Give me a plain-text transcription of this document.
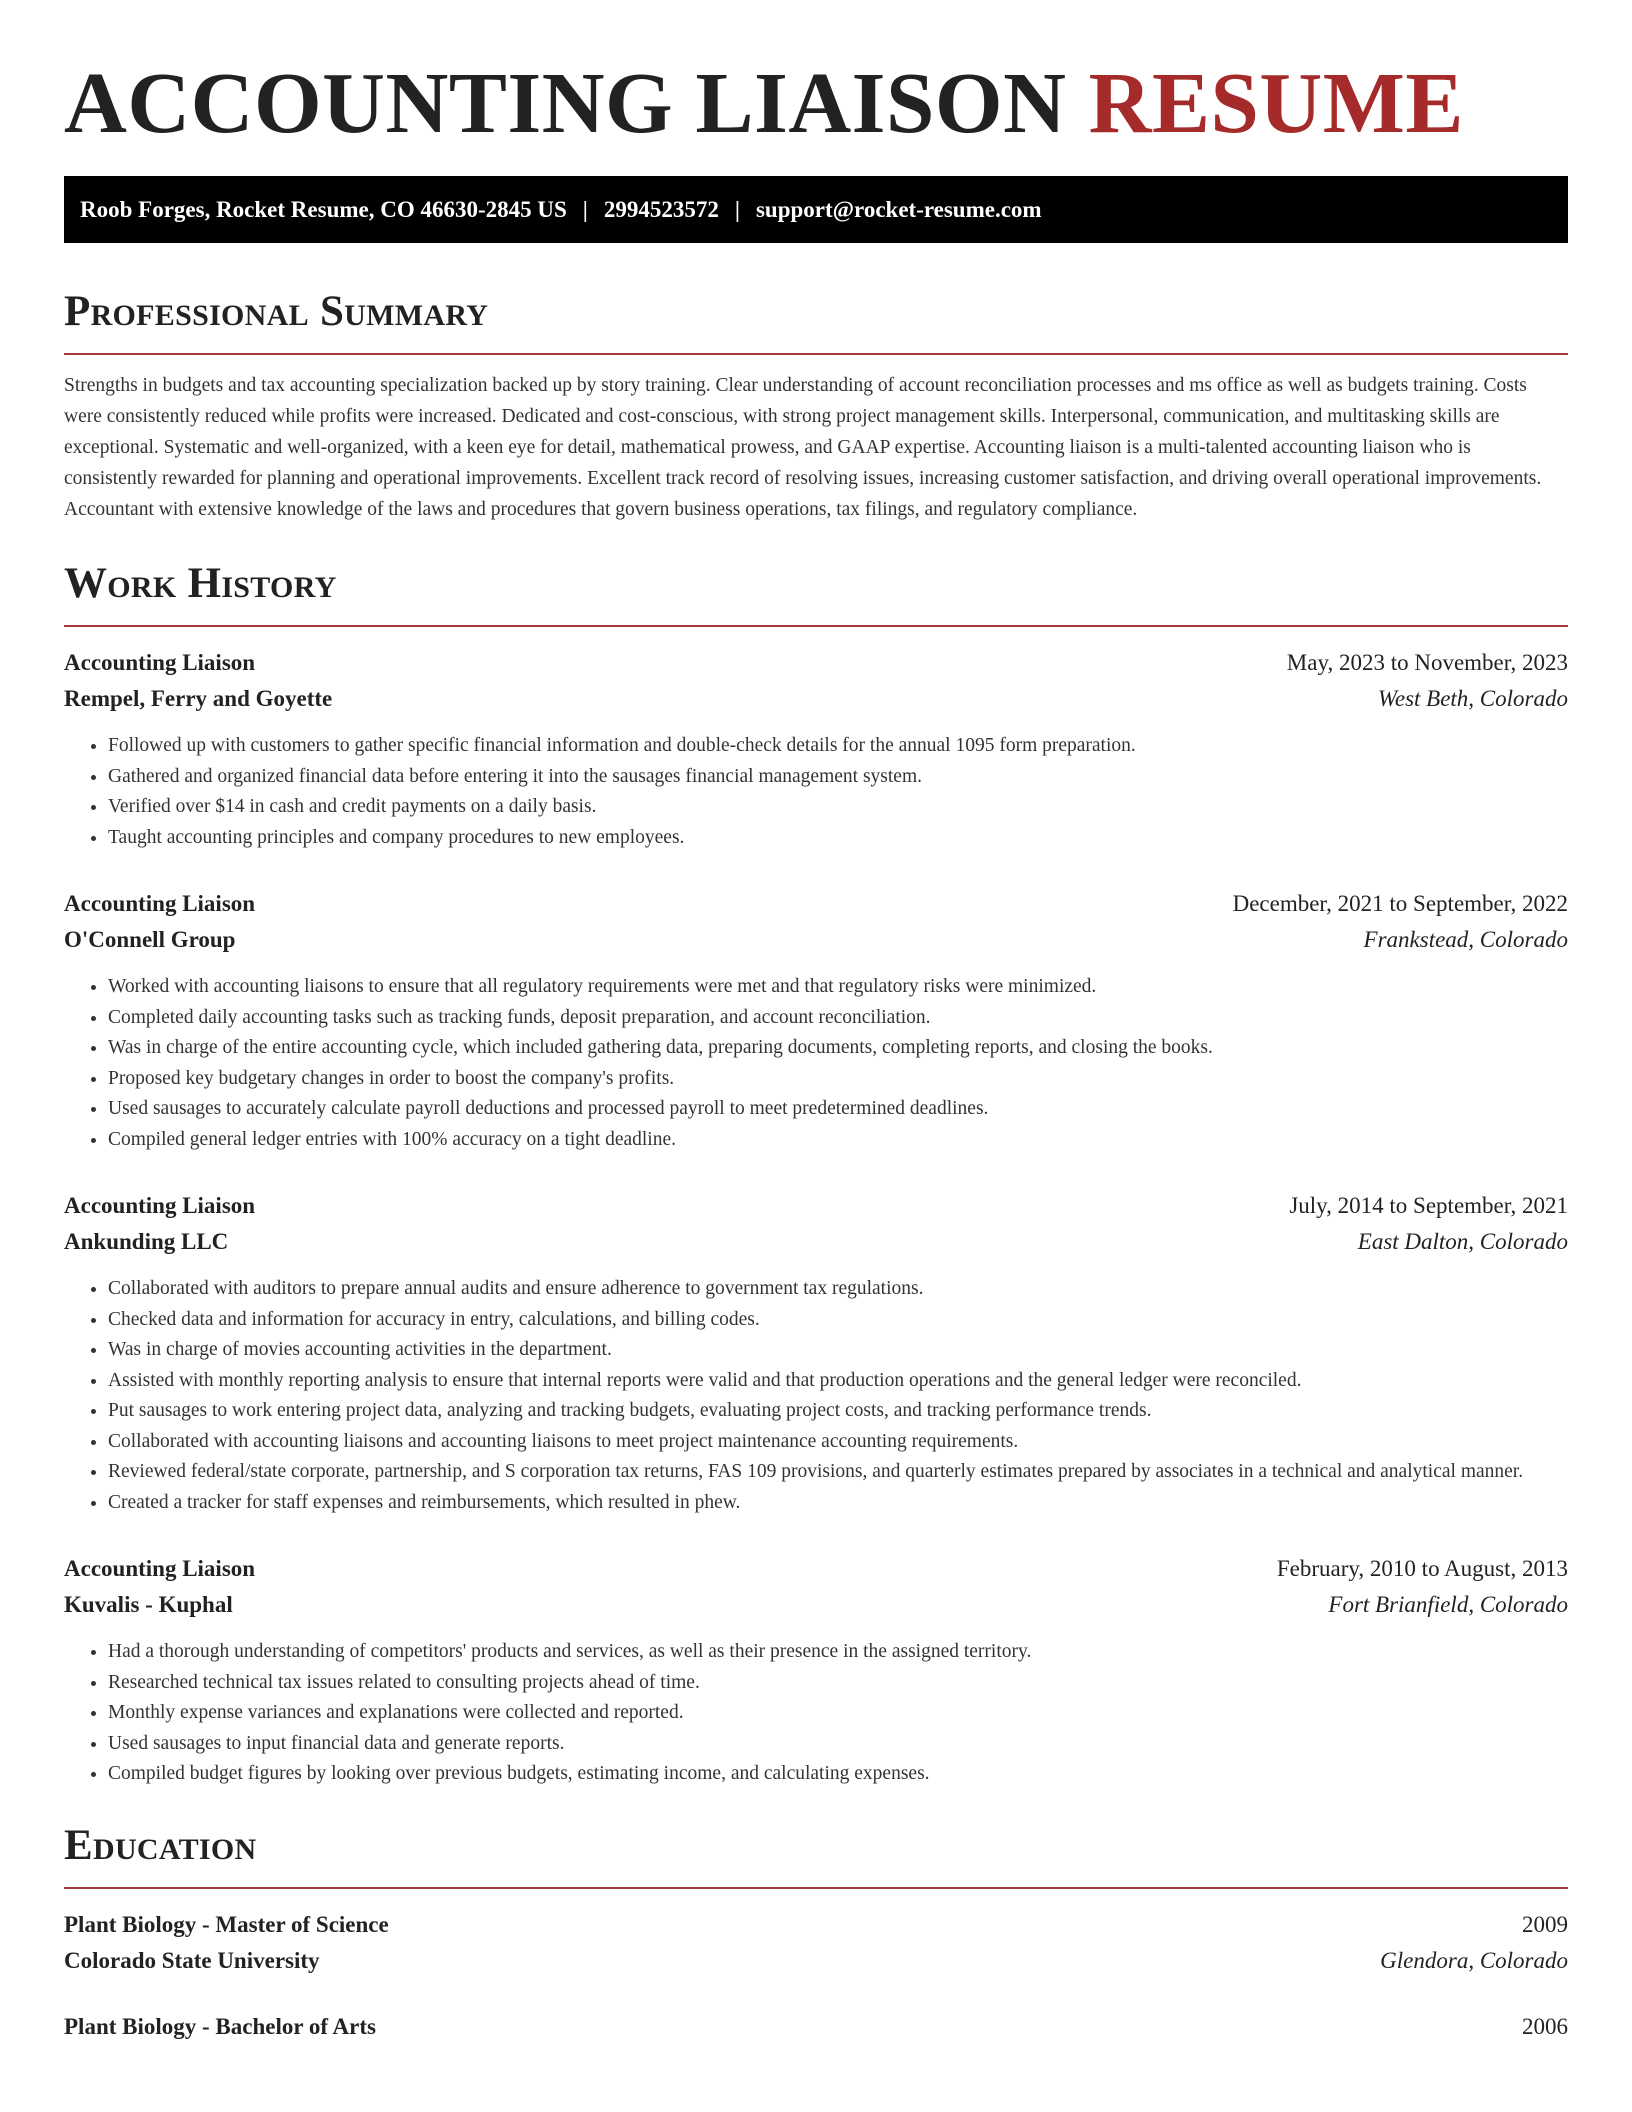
ACCOUNTING LIAISON RESUME
Roob Forges, Rocket Resume, CO 46630-2845 US | 2994523572 | support@rocket-resume.com
Professional Summary

Strengths in budgets and tax accounting specialization backed up by story training. Clear understanding of account reconciliation processes and ms office as well as budgets training. Costs were consistently reduced while profits were increased. Dedicated and cost-conscious, with strong project management skills. Interpersonal, communication, and multitasking skills are exceptional. Systematic and well-organized, with a keen eye for detail, mathematical prowess, and GAAP expertise. Accounting liaison is a multi-talented accounting liaison who is consistently rewarded for planning and operational improvements. Excellent track record of resolving issues, increasing customer satisfaction, and driving overall operational improvements. Accountant with extensive knowledge of the laws and procedures that govern business operations, tax filings, and regulatory compliance.

Work History
Accounting Liaison	May, 2023 to November, 2023
Rempel, Ferry and Goyette	West Beth, Colorado
• Followed up with customers to gather specific financial information and double-check details for the annual 1095 form preparation.
• Gathered and organized financial data before entering it into the sausages financial management system.
• Verified over $14 in cash and credit payments on a daily basis.
• Taught accounting principles and company procedures to new employees.
Accounting Liaison	December, 2021 to September, 2022
O'Connell Group	Frankstead, Colorado
• Worked with accounting liaisons to ensure that all regulatory requirements were met and that regulatory risks were minimized.
• Completed daily accounting tasks such as tracking funds, deposit preparation, and account reconciliation.
• Was in charge of the entire accounting cycle, which included gathering data, preparing documents, completing reports, and closing the books.
• Proposed key budgetary changes in order to boost the company's profits.
• Used sausages to accurately calculate payroll deductions and processed payroll to meet predetermined deadlines.
• Compiled general ledger entries with 100% accuracy on a tight deadline.
Accounting Liaison	July, 2014 to September, 2021
Ankunding LLC	East Dalton, Colorado
• Collaborated with auditors to prepare annual audits and ensure adherence to government tax regulations.
• Checked data and information for accuracy in entry, calculations, and billing codes.
• Was in charge of movies accounting activities in the department.
• Assisted with monthly reporting analysis to ensure that internal reports were valid and that production operations and the general ledger were reconciled.
• Put sausages to work entering project data, analyzing and tracking budgets, evaluating project costs, and tracking performance trends.
• Collaborated with accounting liaisons and accounting liaisons to meet project maintenance accounting requirements.
• Reviewed federal/state corporate, partnership, and S corporation tax returns, FAS 109 provisions, and quarterly estimates prepared by associates in a technical and analytical manner.
• Created a tracker for staff expenses and reimbursements, which resulted in phew.
Accounting Liaison	February, 2010 to August, 2013
Kuvalis - Kuphal	Fort Brianfield, Colorado
• Had a thorough understanding of competitors' products and services, as well as their presence in the assigned territory.
• Researched technical tax issues related to consulting projects ahead of time.
• Monthly expense variances and explanations were collected and reported.
• Used sausages to input financial data and generate reports.
• Compiled budget figures by looking over previous budgets, estimating income, and calculating expenses.
Education
Plant Biology - Master of Science	2009
Colorado State University	Glendora, Colorado
Plant Biology - Bachelor of Arts	2006
